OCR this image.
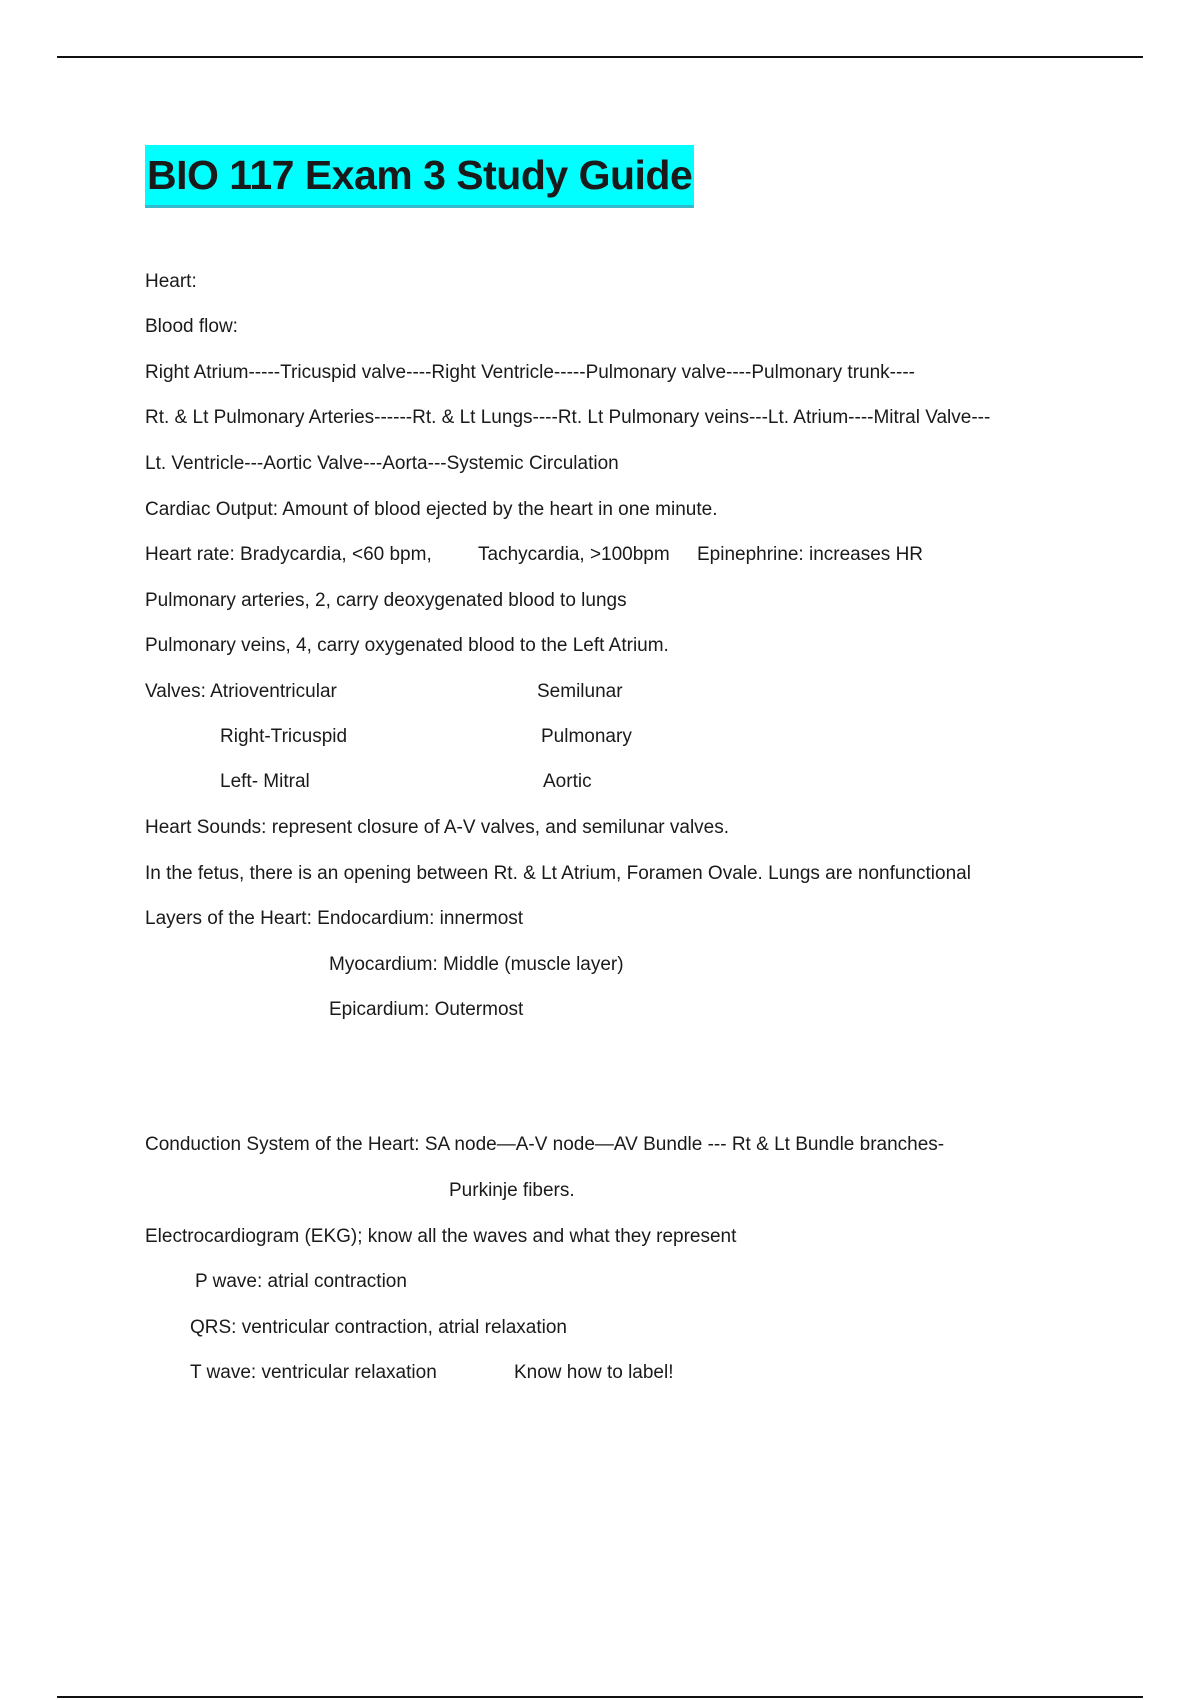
BIO 117 Exam 3 Study Guide
Heart:
Blood flow:
Right Atrium-----Tricuspid valve----Right Ventricle-----Pulmonary valve----Pulmonary trunk----
Rt. & Lt Pulmonary Arteries------Rt. & Lt Lungs----Rt. Lt Pulmonary veins---Lt. Atrium----Mitral Valve---
Lt. Ventricle---Aortic Valve---Aorta---Systemic Circulation
Cardiac Output: Amount of blood ejected by the heart in one minute.
Heart rate: Bradycardia, <60 bpm, Tachycardia, >100bpm Epinephrine: increases HR
Pulmonary arteries, 2, carry deoxygenated blood to lungs
Pulmonary veins, 4, carry oxygenated blood to the Left Atrium.
Valves: Atrioventricular	Semilunar
Right-Tricuspid	Pulmonary
Left- Mitral	Aortic
Heart Sounds: represent closure of A-V valves, and semilunar valves.
In the fetus, there is an opening between Rt. & Lt Atrium, Foramen Ovale. Lungs are nonfunctional
Layers of the Heart: Endocardium: innermost
Myocardium: Middle (muscle layer)
Epicardium: Outermost
Conduction System of the Heart: SA node—A-V node—AV Bundle --- Rt & Lt Bundle branches-
Purkinje fibers.
Electrocardiogram (EKG); know all the waves and what they represent
P wave: atrial contraction
QRS: ventricular contraction, atrial relaxation
T wave: ventricular relaxation	Know how to label!
